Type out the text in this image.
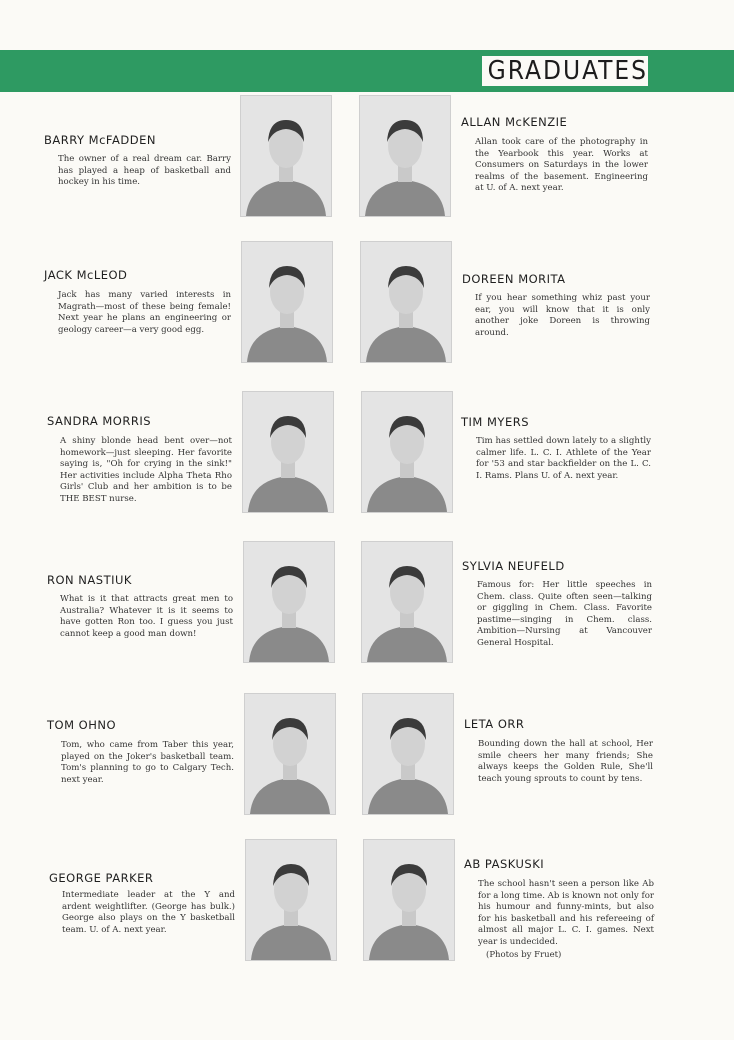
GRADUATES
BARRY McFADDEN
The owner of a real dream car. Barry has played a heap of basketball and hockey in his time.
ALLAN McKENZIE
Allan took care of the photography in the Yearbook this year. Works at Consumers on Saturdays in the lower realms of the basement. Engineering at U. of A. next year.
JACK McLEOD
Jack has many varied interests in Magrath—most of these being female! Next year he plans an engineering or geology career—a very good egg.
DOREEN MORITA
If you hear something whiz past your ear, you will know that it is only another joke Doreen is throwing around.
SANDRA MORRIS
A shiny blonde head bent over—not homework—just sleeping. Her favorite saying is, "Oh for crying in the sink!" Her activities include Alpha Theta Rho Girls' Club and her ambition is to be THE BEST nurse.
TIM MYERS
Tim has settled down lately to a slightly calmer life. L. C. I. Athlete of the Year for '53 and star backfielder on the L. C. I. Rams. Plans U. of A. next year.
RON NASTIUK
What is it that attracts great men to Australia? Whatever it is it seems to have gotten Ron too. I guess you just cannot keep a good man down!
SYLVIA NEUFELD
Famous for: Her little speeches in Chem. class. Quite often seen—talking or giggling in Chem. Class. Favorite pastime—singing in Chem. class. Ambition—Nursing at Vancouver General Hospital.
TOM OHNO
Tom, who came from Taber this year, played on the Joker's basketball team. Tom's planning to go to Calgary Tech. next year.
LETA ORR
Bounding down the hall at school, Her smile cheers her many friends; She always keeps the Golden Rule, She'll teach young sprouts to count by tens.
GEORGE PARKER
Intermediate leader at the Y and ardent weightlifter. (George has bulk.) George also plays on the Y basketball team. U. of A. next year.
AB PASKUSKI
The school hasn't seen a person like Ab for a long time. Ab is known not only for his humour and funny-mints, but also for his basketball and his refereeing of almost all major L. C. I. games. Next year is undecided.
(Photos by Fruet)
